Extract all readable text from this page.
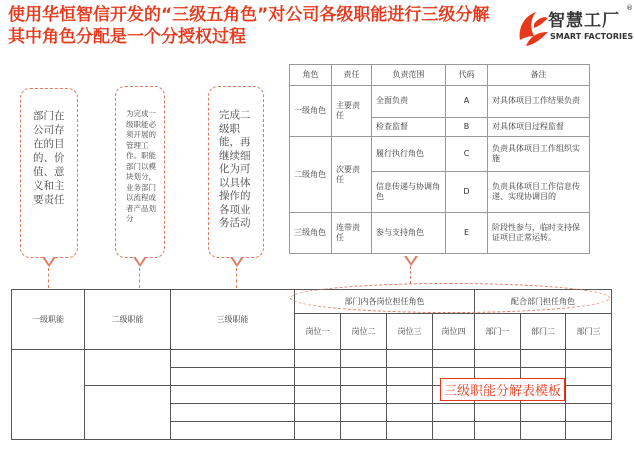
使用华恒智信开发的“三级五角色”对公司各级职能进行三级分解
其中角色分配是一个分授权过程
智慧工厂
SMART FACTORIES
®
部门在公司存在的目的、价值、意义和主要责任
为完成一级职能必须开展的管理工作。职能部门以模块划分，业务部门以流程或者产品划分
完成二级职能，再继续细化为可以具体操作的各项业务活动
角色	责任	负责范围	代码	备注
一级角色	主要责任	全面负责	A	对具体项目工作结果负责
		检查监督	B	对具体项目过程监督
二级角色	次要责任	履行执行角色	C	负责具体项目工作组织实施
		信息传递与协调角色	D	负责具体项目工作信息传递、实现协调目的
三级角色	连带责任	参与支持角色	E	阶段性参与，临时支持保证项目正常运转。
一级职能	二级职能	三级职能	部门内各岗位担任角色				配合部门担任角色		
			岗位一	岗位二	岗位三	岗位四	部门一	部门二	部门三

三级职能分解表模板
